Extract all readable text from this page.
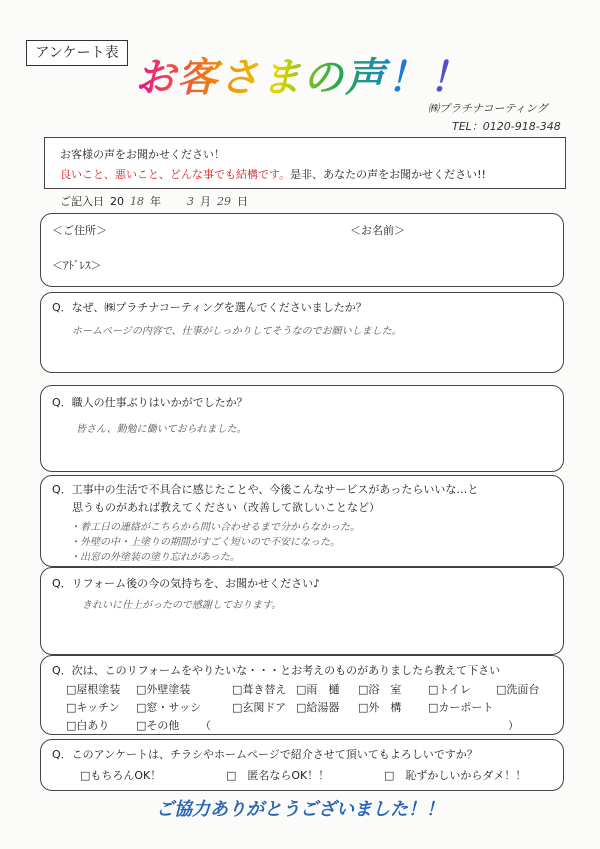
アンケート表
お客さまの声！！
㈱プラチナコーティング
TEL：0120-918-348
お客様の声をお聞かせください！
良いこと、悪いこと、どんな事でも結構です。是非、あなたの声をお聞かせください!!
ご記入日 20 18 年 3 月 29 日
＜ご住所＞	＜お名前＞
＜ｱﾄﾞﾚｽ＞
Q．なぜ、㈱プラチナコーティングを選んでくださいましたか？
ホームページの内容で、仕事がしっかりしてそうなのでお願いしました。
Q．職人の仕事ぶりはいかがでしたか？
皆さん、勤勉に働いておられました。
Q．工事中の生活で不具合に感じたことや、今後こんなサービスがあったらいいな…と
思うものがあれば教えてください（改善して欲しいことなど）
・着工日の連絡がこちらから問い合わせるまで分からなかった。
・外壁の中・上塗りの期間がすごく短いので不安になった。
・出窓の外塗装の塗り忘れがあった。
Q．リフォーム後の今の気持ちを、お聞かせください♪
きれいに仕上がったので感謝しております。
Q．次は、このリフォームをやりたいな・・・とお考えのものがありましたら教えて下さい
□屋根塗装 □外壁塗装	□葺き替え □雨　樋 □浴　室 □トイレ □洗面台
□キッチン □窓・サッシ	□玄関ドア □給湯器 □外　構 □カーポート
□白あり □その他 （	）
Q．このアンケートは、チラシやホームページで紹介させて頂いてもよろしいですか？
□もちろんOK！	□　匿名ならOK！！	□　恥ずかしいからダメ！！
ご協力ありがとうございました！！
